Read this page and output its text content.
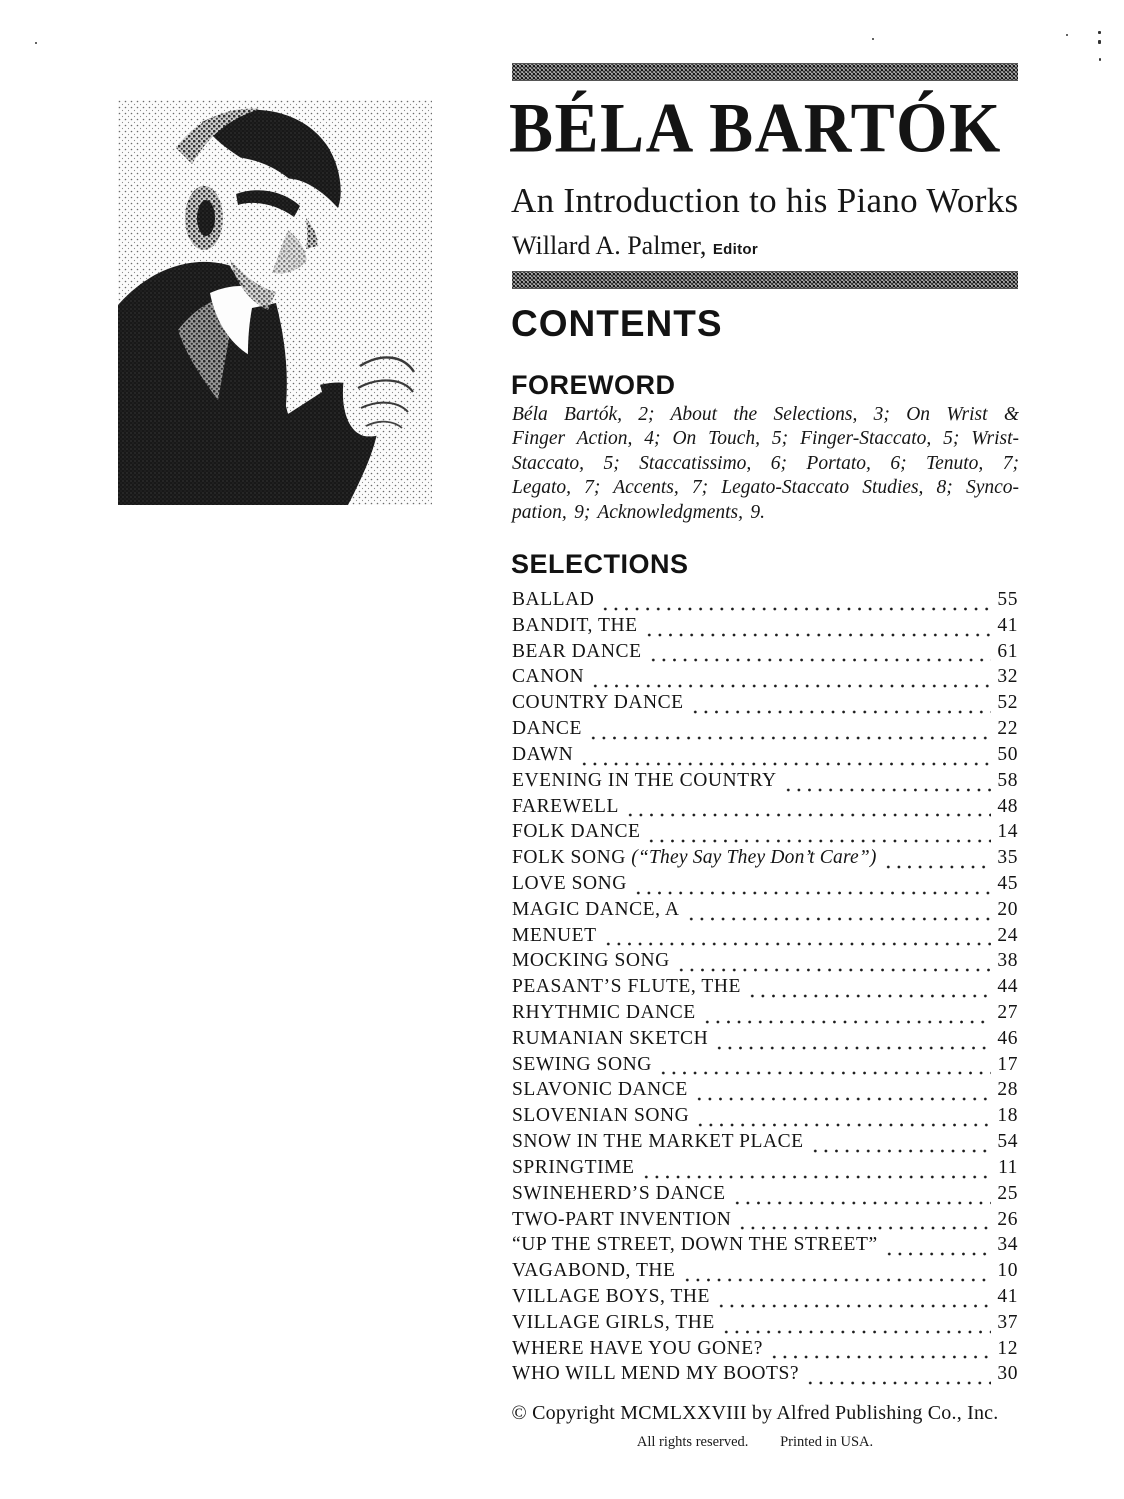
BÉLA BARTÓK
An Introduction to his Piano Works
Willard A. Palmer, Editor
CONTENTS
FOREWORD
Béla Bartók, 2; About the Selections, 3; On Wrist &
Finger Action, 4; On Touch, 5; Finger-Staccato, 5; Wrist-
Staccato, 5; Staccatissimo, 6; Portato, 6; Tenuto, 7;
Legato, 7; Accents, 7; Legato-Staccato Studies, 8; Synco-
pation, 9; Acknowledgments, 9.
SELECTIONS
BALLAD	55
BANDIT, THE	41
BEAR DANCE	61
CANON	32
COUNTRY DANCE	52
DANCE	22
DAWN	50
EVENING IN THE COUNTRY	58
FAREWELL	48
FOLK DANCE	14
FOLK SONG (“They Say They Don’t Care”)	35
LOVE SONG	45
MAGIC DANCE, A	20
MENUET	24
MOCKING SONG	38
PEASANT’S FLUTE, THE	44
RHYTHMIC DANCE	27
RUMANIAN SKETCH	46
SEWING SONG	17
SLAVONIC DANCE	28
SLOVENIAN SONG	18
SNOW IN THE MARKET PLACE	54
SPRINGTIME	11
SWINEHERD’S DANCE	25
TWO-PART INVENTION	26
“UP THE STREET, DOWN THE STREET”	34
VAGABOND, THE	10
VILLAGE BOYS, THE	41
VILLAGE GIRLS, THE	37
WHERE HAVE YOU GONE?	12
WHO WILL MEND MY BOOTS?	30
© Copyright MCMLXXVIII by Alfred Publishing Co., Inc.
All rights reserved. Printed in USA.
